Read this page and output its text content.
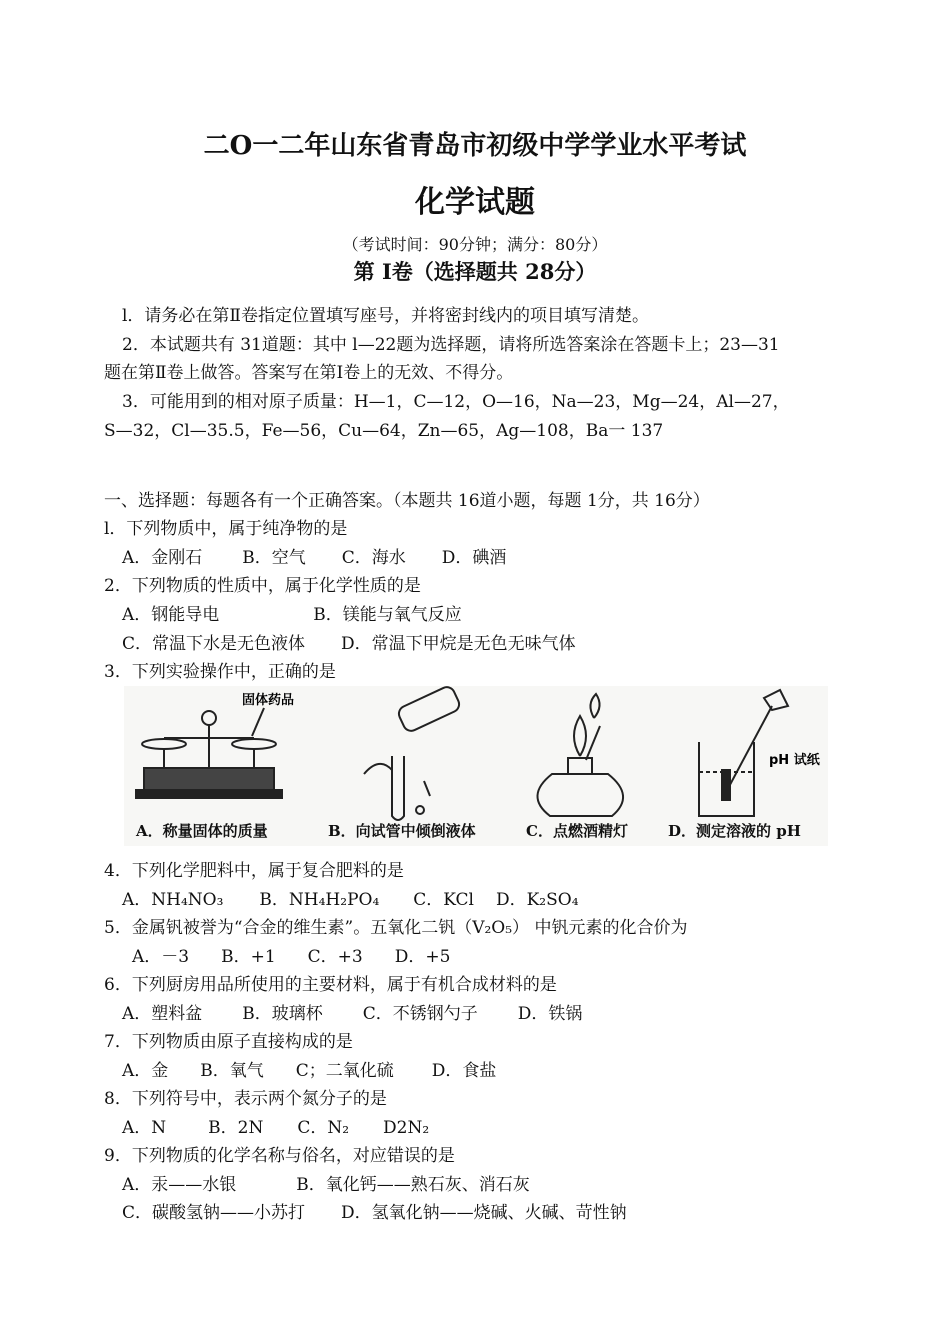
二O一二年山东省青岛市初级中学学业水平考试
化学试题
（考试时间：90分钟；满分：80分）
第 Ⅰ卷（选择题共 28分）
l．请务必在第Ⅱ卷指定位置填写座号，并将密封线内的项目填写清楚。
2．本试题共有 31道题：其中 l—22题为选择题，请将所选答案涂在答题卡上；23—31
题在第Ⅱ卷上做答。答案写在第Ⅰ卷上的无效、不得分。
3．可能用到的相对原子质量：H—1，C—12，O—16，Na—23，Mg—24，Al—27，
S—32，Cl—35.5，Fe—56，Cu—64，Zn—65，Ag—108，Ba一 137
一、选择题：每题各有一个正确答案。（本题共 16道小题，每题 1分，共 16分）
l．下列物质中，属于纯净物的是
A．金刚石 B．空气 C．海水 D．碘酒
2．下列物质的性质中，属于化学性质的是
A．钢能导电	B．镁能与氧气反应
C．常温下水是无色液体 D．常温下甲烷是无色无味气体
3．下列实验操作中，正确的是
固体药品
pH 试纸
A．称量固体的质量	B．向试管中倾倒液体	C．点燃酒精灯	D．测定溶液的 pH
4．下列化学肥料中，属于复合肥料的是
A．NH₄NO₃ B．NH₄H₂PO₄ C．KCl D．K₂SO₄
5．金属钒被誉为“合金的维生素”。五氧化二钒（V₂O₅） 中钒元素的化合价为
A．－3 B．+1 C．+3 D．+5
6．下列厨房用品所使用的主要材料，属于有机合成材料的是
A．塑料盆 B．玻璃杯 C．不锈钢勺子 D．铁锅
7．下列物质由原子直接构成的是
A．金 B．氧气 C；二氧化硫 D．食盐
8．下列符号中，表示两个氮分子的是
A．N B．2N C．N₂ D2N₂
9．下列物质的化学名称与俗名，对应错误的是
A．汞——水银	B．氧化钙——熟石灰、消石灰
C．碳酸氢钠——小苏打 D．氢氧化钠——烧碱、火碱、苛性钠
